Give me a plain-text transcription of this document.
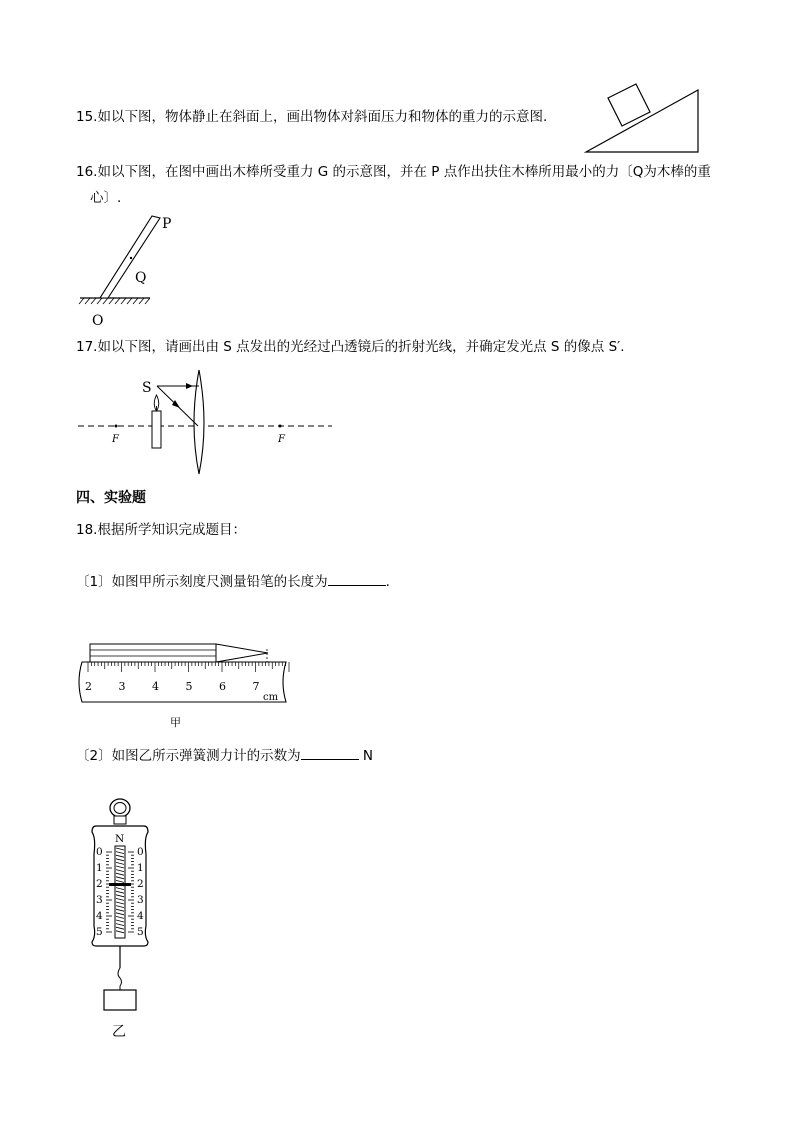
15.如以下图，物体静止在斜面上，画出物体对斜面压力和物体的重力的示意图.
16.如以下图，在图中画出木棒所受重力 G 的示意图，并在 P 点作出扶住木棒所用最小的力〔Q为木棒的重
心〕.
P
Q
O
17.如以下图，请画出由 S 点发出的光经过凸透镜后的折射光线，并确定发光点 S 的像点 S′.
F	F
S
四、实验题
18.根据所学知识完成题目：
〔1〕如图甲所示刻度尺测量铅笔的长度为	.
2 3 4 5 6 7
cm
甲
〔2〕如图乙所示弹簧测力计的示数为	N
N
0
1
2
3
4
5
0
1
2
3
4
5
乙
